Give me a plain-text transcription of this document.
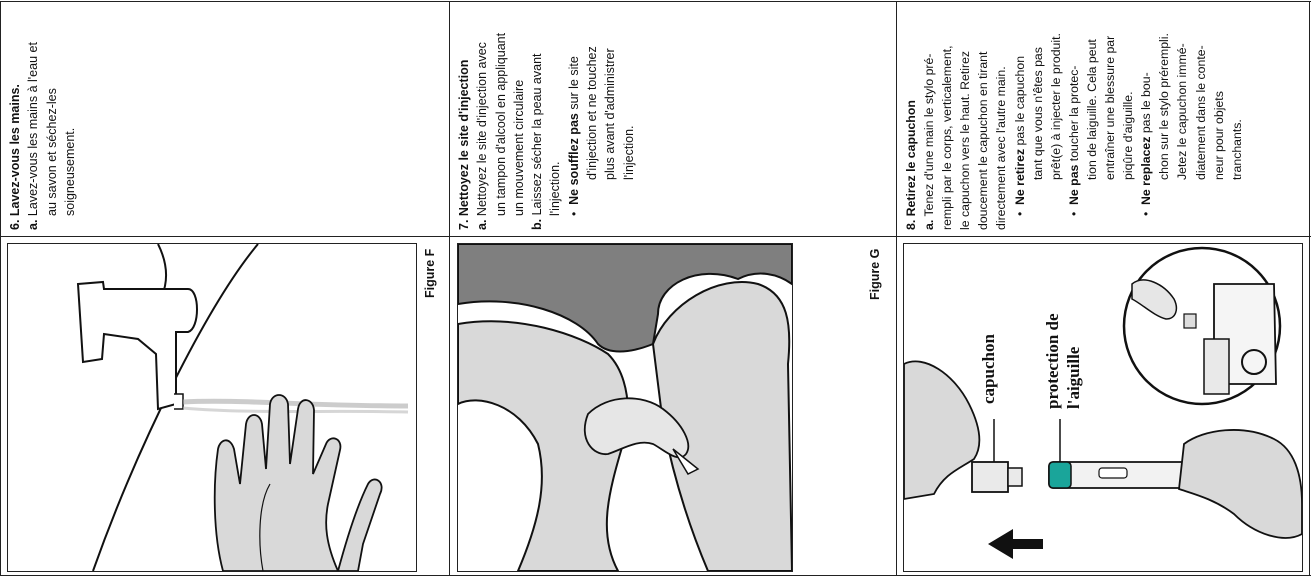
6. Lavez-vous les mains. a. Lavez-vous les mains à l'eau et au savon et séchez-les soigneusement.	7. Nettoyez le site d'injection a. Nettoyez le site d'injection avec un tampon d'alcool en appliquant un mouvement circulaire
b. Laissez sécher la peau avant l'injection. •  Ne soufflez pas sur le site d'injection et ne touchez plus avant d'administrer l'injection.	8. Retirez le capuchon a. Tenez d'une main le stylo pré- rempli par le corps, verticalement, le capuchon vers le haut. Retirez doucement le capuchon en tirant directement avec l'autre main. •  Ne retirez pas le capuchon tant que vous n'êtes pas prêt(e) à injecter le produit.
•  Ne pas toucher la protec- tion de laiguille. Cela peut entraîner une blessure par piqûre d'aiguille.
•  Ne replacez pas le bou- chon sur le stylo prérempli. Jetez le capuchon immé- diatement dans le conte- neur pour objets tranchants.
Figure F	Figure G
capuchon	protection de l'aiguille
